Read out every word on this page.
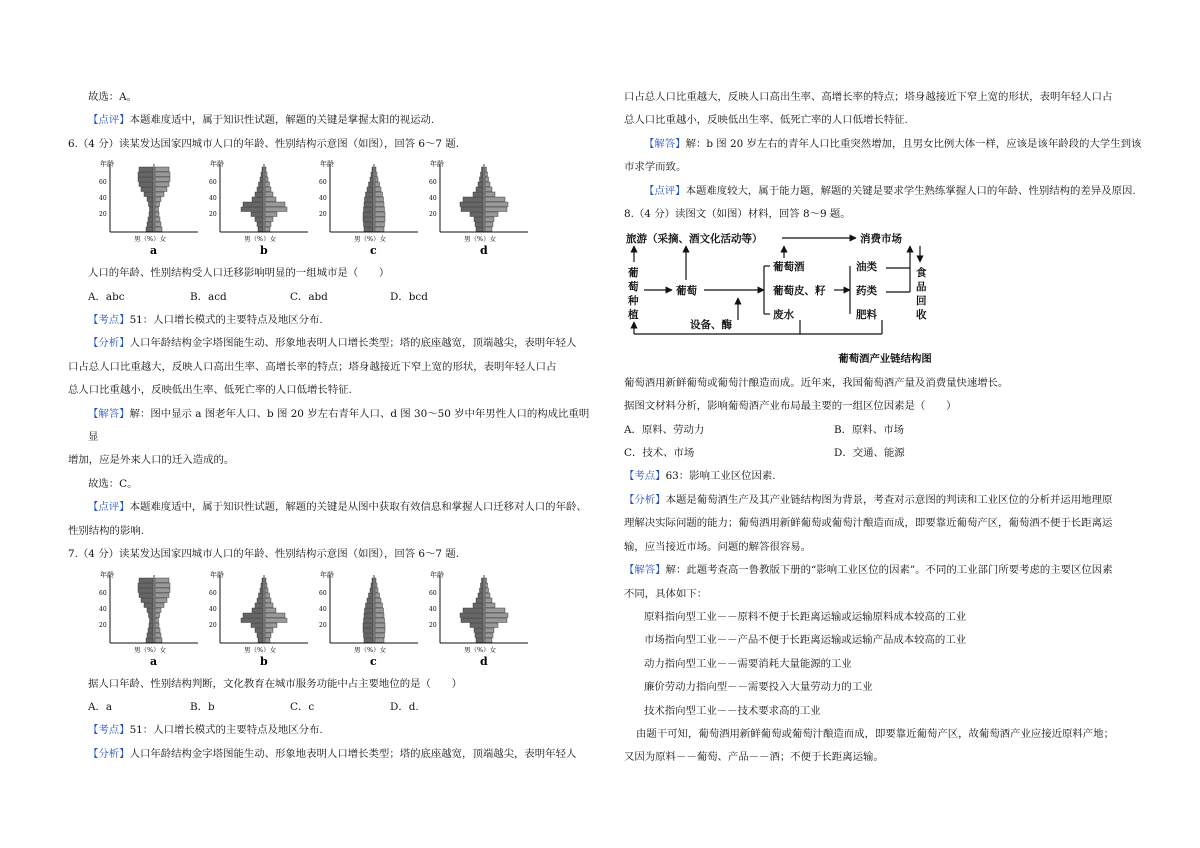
故选：A。

【点评】本题难度适中，属于知识性试题，解题的关键是掌握太阳的视运动.

6.（4 分）读某发达国家四城市人口的年龄、性别结构示意图（如图），回答 6～7 题.

年龄
60
40
20
男（%）女
a
年龄
60
40
20
男（%）女
b
年龄
60
40
20
男（%）女
c
年龄
60
40
20
男（%）女
d

人口的年龄、性别结构受人口迁移影响明显的一组城市是（　　）

A．abc	B．acd	C．abd	D．bcd

【考点】51：人口增长模式的主要特点及地区分布.

【分析】人口年龄结构金字塔图能生动、形象地表明人口增长类型；塔的底座越宽，顶端越尖，表明年轻人

口占总人口比重越大，反映人口高出生率、高增长率的特点；塔身越接近下窄上宽的形状，表明年轻人口占

总人口比重越小，反映低出生率、低死亡率的人口低增长特征.

【解答】解：图中显示 a 图老年人口、b 图 20 岁左右青年人口、d 图 30～50 岁中年男性人口的构成比重明显

增加，应是外来人口的迁入造成的。

故选：C。

【点评】本题难度适中，属于知识性试题，解题的关键是从图中获取有效信息和掌握人口迁移对人口的年龄、

性别结构的影响.

7.（4 分）读某发达国家四城市人口的年龄、性别结构示意图（如图），回答 6～7 题.

年龄
60
40
20
男（%）女
a
年龄
60
40
20
男（%）女
b
年龄
60
40
20
男（%）女
c
年龄
60
40
20
男（%）女
d

据人口年龄、性别结构判断，文化教育在城市服务功能中占主要地位的是（　　）

A．a	B．b	C．c	D．d.

【考点】51：人口增长模式的主要特点及地区分布.

【分析】人口年龄结构金字塔图能生动、形象地表明人口增长类型；塔的底座越宽，顶端越尖，表明年轻人

口占总人口比重越大，反映人口高出生率、高增长率的特点；塔身越接近下窄上宽的形状，表明年轻人口占

总人口比重越小，反映低出生率、低死亡率的人口低增长特征.

【解答】解：b 图 20 岁左右的青年人口比重突然增加，且男女比例大体一样，应该是该年龄段的大学生到该

市求学而致。

【点评】本题难度较大，属于能力题，解题的关键是要求学生熟练掌握人口的年龄、性别结构的差异及原因.

8.（4 分）读图文（如图）材料，回答 8～9 题。

旅游（采摘、酒文化活动等）	消费市场
葡
萄
种
植
葡萄
葡萄酒
葡萄皮、籽
废水
设备、酶
油类
药类
肥料
食
品
回
收

葡萄酒产业链结构图

葡萄酒用新鲜葡萄或葡萄汁酿造而成。近年来，我国葡萄酒产量及消费量快速增长。

据图文材料分析，影响葡萄酒产业布局最主要的一组区位因素是（　　）

A．原料、劳动力	B．原料、市场
C．技术、市场	D．交通、能源

【考点】63：影响工业区位因素.

【分析】本题是葡萄酒生产及其产业链结构图为背景，考查对示意图的判读和工业区位的分析并运用地理原

理解决实际问题的能力；葡萄酒用新鲜葡萄或葡萄汁酿造而成，即要靠近葡萄产区，葡萄酒不便于长距离运

输，应当接近市场。问题的解答很容易。

【解答】解：此题考查高一鲁教版下册的“影响工业区位的因素”。不同的工业部门所要考虑的主要区位因素

不同，具体如下：

原料指向型工业－－原料不便于长距离运输或运输原料成本较高的工业

市场指向型工业－－产品不便于长距离运输或运输产品成本较高的工业

动力指向型工业－－需要消耗大量能源的工业

廉价劳动力指向型－－需要投入大量劳动力的工业

技术指向型工业－－技术要求高的工业

由题干可知，葡萄酒用新鲜葡萄或葡萄汁酿造而成，即要靠近葡萄产区，故葡萄酒产业应接近原料产地；

又因为原料－－葡萄、产品－－酒；不便于长距离运输。
